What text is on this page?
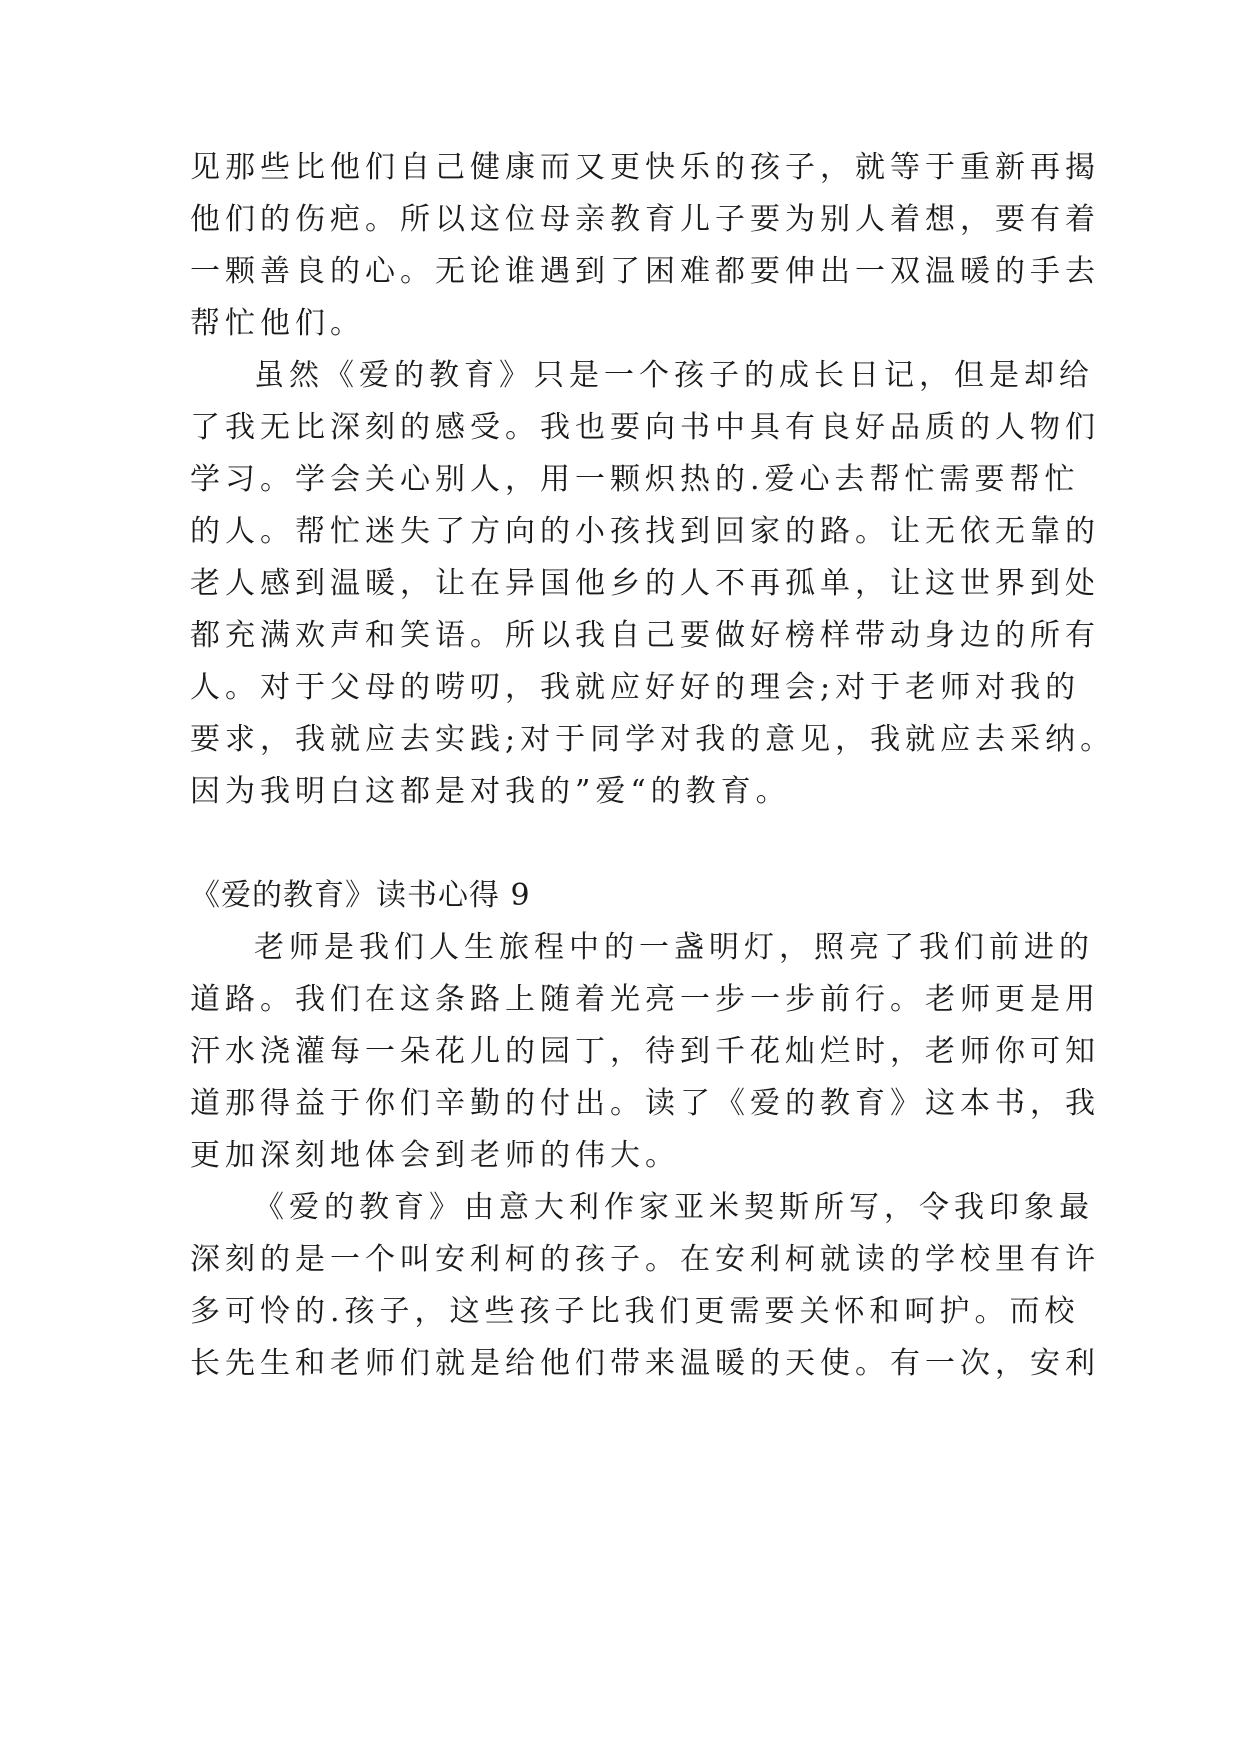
见那些比他们自己健康而又更快乐的孩子，就等于重新再揭
他们的伤疤。所以这位母亲教育儿子要为别人着想，要有着
一颗善良的心。无论谁遇到了困难都要伸出一双温暖的手去
帮忙他们。
虽然《爱的教育》只是一个孩子的成长日记，但是却给
了我无比深刻的感受。我也要向书中具有良好品质的人物们
学习。学会关心别人，用一颗炽热的.爱心去帮忙需要帮忙
的人。帮忙迷失了方向的小孩找到回家的路。让无依无靠的
老人感到温暖，让在异国他乡的人不再孤单，让这世界到处
都充满欢声和笑语。所以我自己要做好榜样带动身边的所有
人。对于父母的唠叨，我就应好好的理会;对于老师对我的
要求，我就应去实践;对于同学对我的意见，我就应去采纳。
因为我明白这都是对我的”爱“的教育。
《爱的教育》读书心得 9
老师是我们人生旅程中的一盏明灯，照亮了我们前进的
道路。我们在这条路上随着光亮一步一步前行。老师更是用
汗水浇灌每一朵花儿的园丁，待到千花灿烂时，老师你可知
道那得益于你们辛勤的付出。读了《爱的教育》这本书，我
更加深刻地体会到老师的伟大。
《爱的教育》由意大利作家亚米契斯所写，令我印象最
深刻的是一个叫安利柯的孩子。在安利柯就读的学校里有许
多可怜的.孩子，这些孩子比我们更需要关怀和呵护。而校
长先生和老师们就是给他们带来温暖的天使。有一次，安利
